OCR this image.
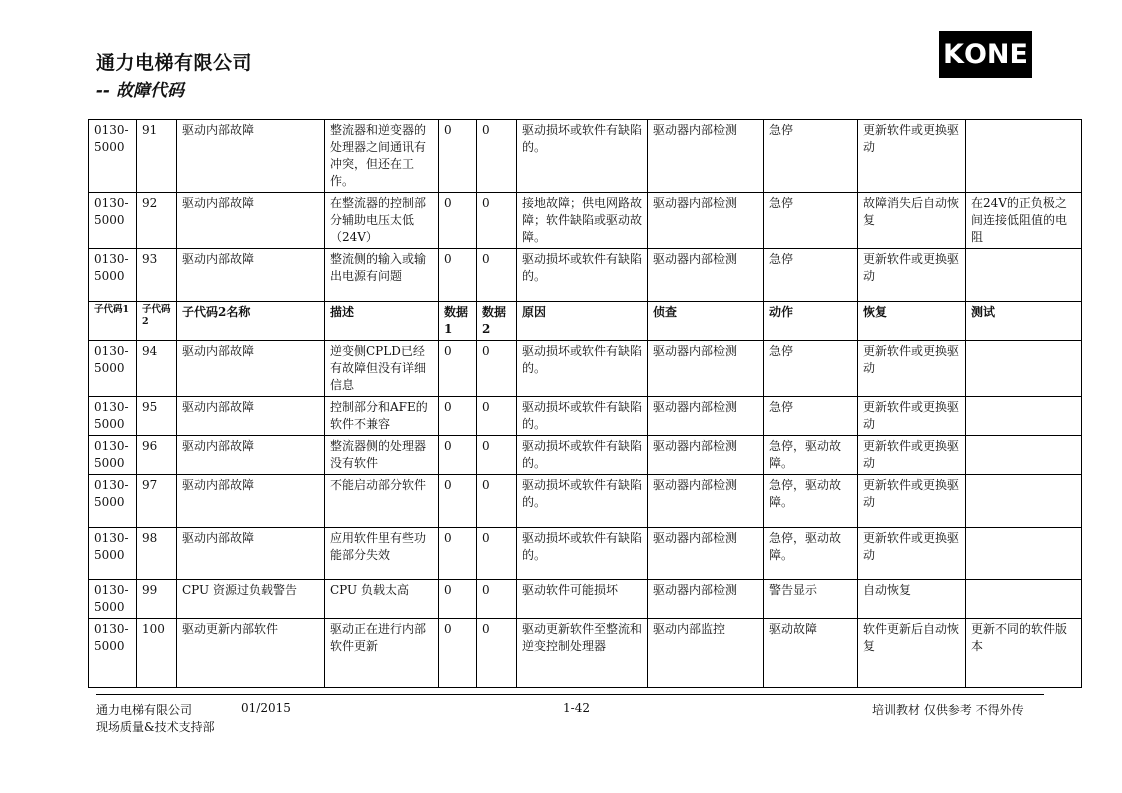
通力电梯有限公司
-- 故障代码
K O N E
0130-5000	91	驱动内部故障	整流器和逆变器的处理器之间通讯有冲突，但还在工作。	0	0	驱动损坏或软件有缺陷的。	驱动器内部检测	急停	更新软件或更换驱动	
0130-5000	92	驱动内部故障	在整流器的控制部分辅助电压太低（24V）	0	0	接地故障；供电网路故障；软件缺陷或驱动故障。	驱动器内部检测	急停	故障消失后自动恢复	在24V的正负极之间连接低阻值的电阻
0130-5000	93	驱动内部故障	整流侧的输入或输出电源有问题	0	0	驱动损坏或软件有缺陷的。	驱动器内部检测	急停	更新软件或更换驱动	
子代码1	子代码2	子代码2名称	描述	数据1	数据2	原因	侦查	动作	恢复	测试
0130-5000	94	驱动内部故障	逆变侧CPLD已经有故障但没有详细信息	0	0	驱动损坏或软件有缺陷的。	驱动器内部检测	急停	更新软件或更换驱动	
0130-5000	95	驱动内部故障	控制部分和AFE的软件不兼容	0	0	驱动损坏或软件有缺陷的。	驱动器内部检测	急停	更新软件或更换驱动	
0130-5000	96	驱动内部故障	整流器侧的处理器没有软件	0	0	驱动损坏或软件有缺陷的。	驱动器内部检测	急停，驱动故障。	更新软件或更换驱动	
0130-5000	97	驱动内部故障	不能启动部分软件	0	0	驱动损坏或软件有缺陷的。	驱动器内部检测	急停，驱动故障。	更新软件或更换驱动	
0130-5000	98	驱动内部故障	应用软件里有些功能部分失效	0	0	驱动损坏或软件有缺陷的。	驱动器内部检测	急停，驱动故障。	更新软件或更换驱动	
0130-5000	99	CPU 资源过负载警告	CPU 负载太高	0	0	驱动软件可能损坏	驱动器内部检测	警告显示	自动恢复	
0130-5000	100	驱动更新内部软件	驱动正在进行内部软件更新	0	0	驱动更新软件至整流和逆变控制处理器	驱动内部监控	驱动故障	软件更新后自动恢复	更新不同的软件版本
通力电梯有限公司	01/2015	1-42	培训教材 仅供参考 不得外传
现场质量&技术支持部
